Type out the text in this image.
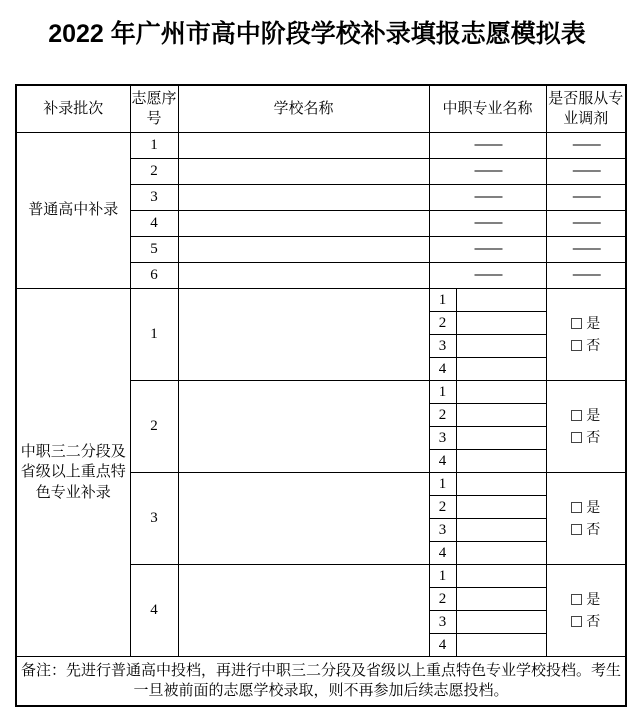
2022 年广州市高中阶段学校补录填报志愿模拟表
补录批次	志愿序号	学校名称	中职专业名称		是否服从专业调剂
普通高中补录	1		——		——
	2		——		——
	3		——		——
	4		——		——
	5		——		——
	6		——		——
中职三二分段及省级以上重点特色专业补录	1		1		是
否

			2		
			3		
			4		
	2		1		是
否

			2		
			3		
			4		
	3		1		是
否

			2		
			3		
			4		
	4		1		是
否

			2		
			3		
			4		
备注：先进行普通高中投档，再进行中职三二分段及省级以上重点特色专业学校投档。考生一旦被前面的志愿学校录取，则不再参加后续志愿投档。					
